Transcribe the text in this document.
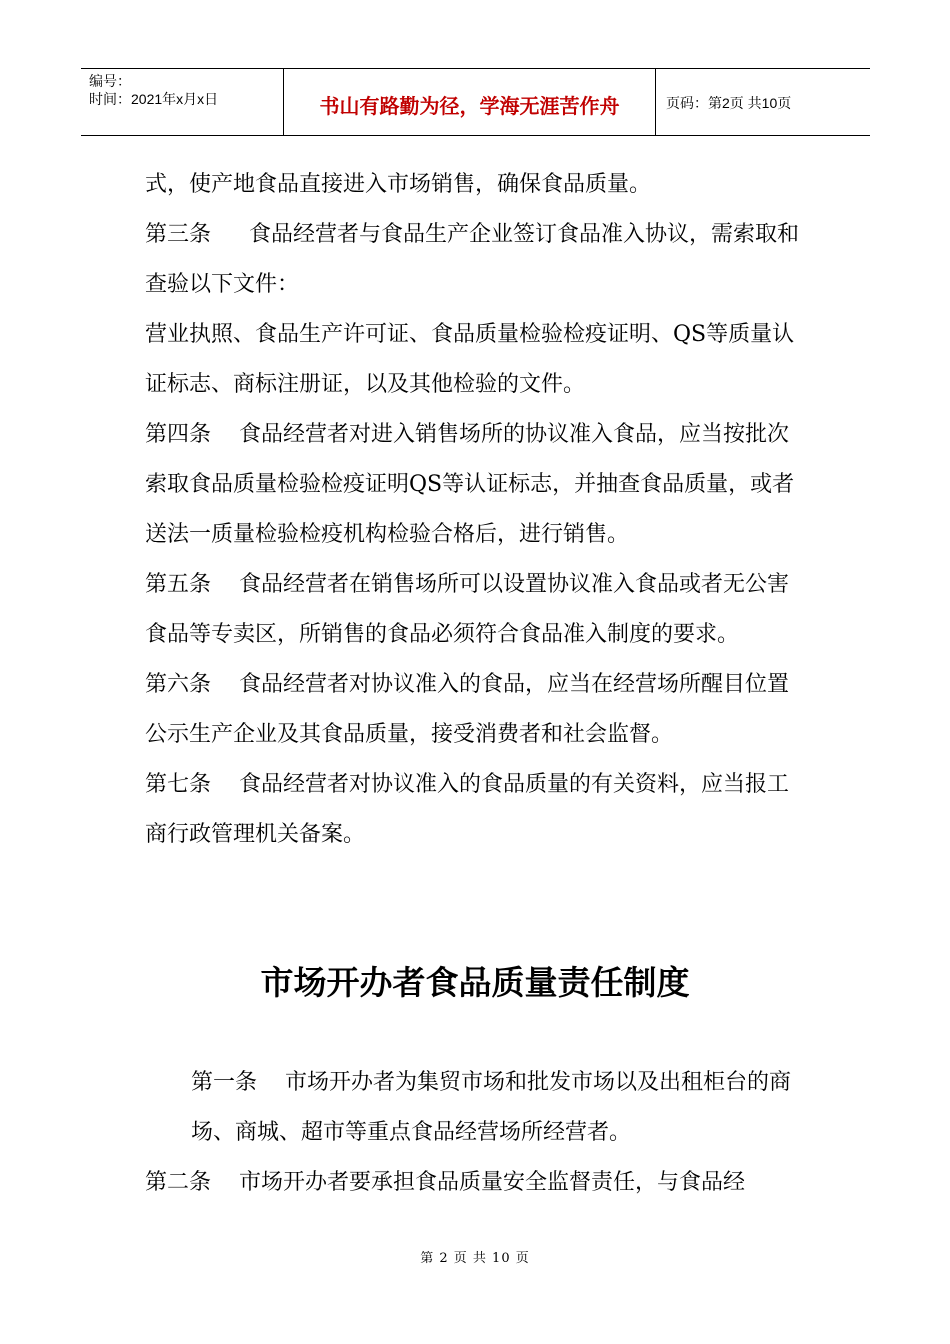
编号：
时间：2021年x月x日	书山有路勤为径，学海无涯苦作舟	页码：第2页 共10页

式，使产地食品直接进入市场销售，确保食品质量。

第三条 食品经营者与食品生产企业签订食品准入协议，需索取和查验以下文件：

营业执照、食品生产许可证、食品质量检验检疫证明、QS等质量认证标志、商标注册证，以及其他检验的文件。

第四条 食品经营者对进入销售场所的协议准入食品，应当按批次索取食品质量检验检疫证明QS等认证标志，并抽查食品质量，或者送法一质量检验检疫机构检验合格后，进行销售。

第五条 食品经营者在销售场所可以设置协议准入食品或者无公害食品等专卖区，所销售的食品必须符合食品准入制度的要求。

第六条 食品经营者对协议准入的食品，应当在经营场所醒目位置公示生产企业及其食品质量，接受消费者和社会监督。

第七条 食品经营者对协议准入的食品质量的有关资料，应当报工商行政管理机关备案。

市场开办者食品质量责任制度

第一条 市场开办者为集贸市场和批发市场以及出租柜台的商场、商城、超市等重点食品经营场所经营者。

第二条 市场开办者要承担食品质量安全监督责任，与食品经

第 2 页 共 10 页
